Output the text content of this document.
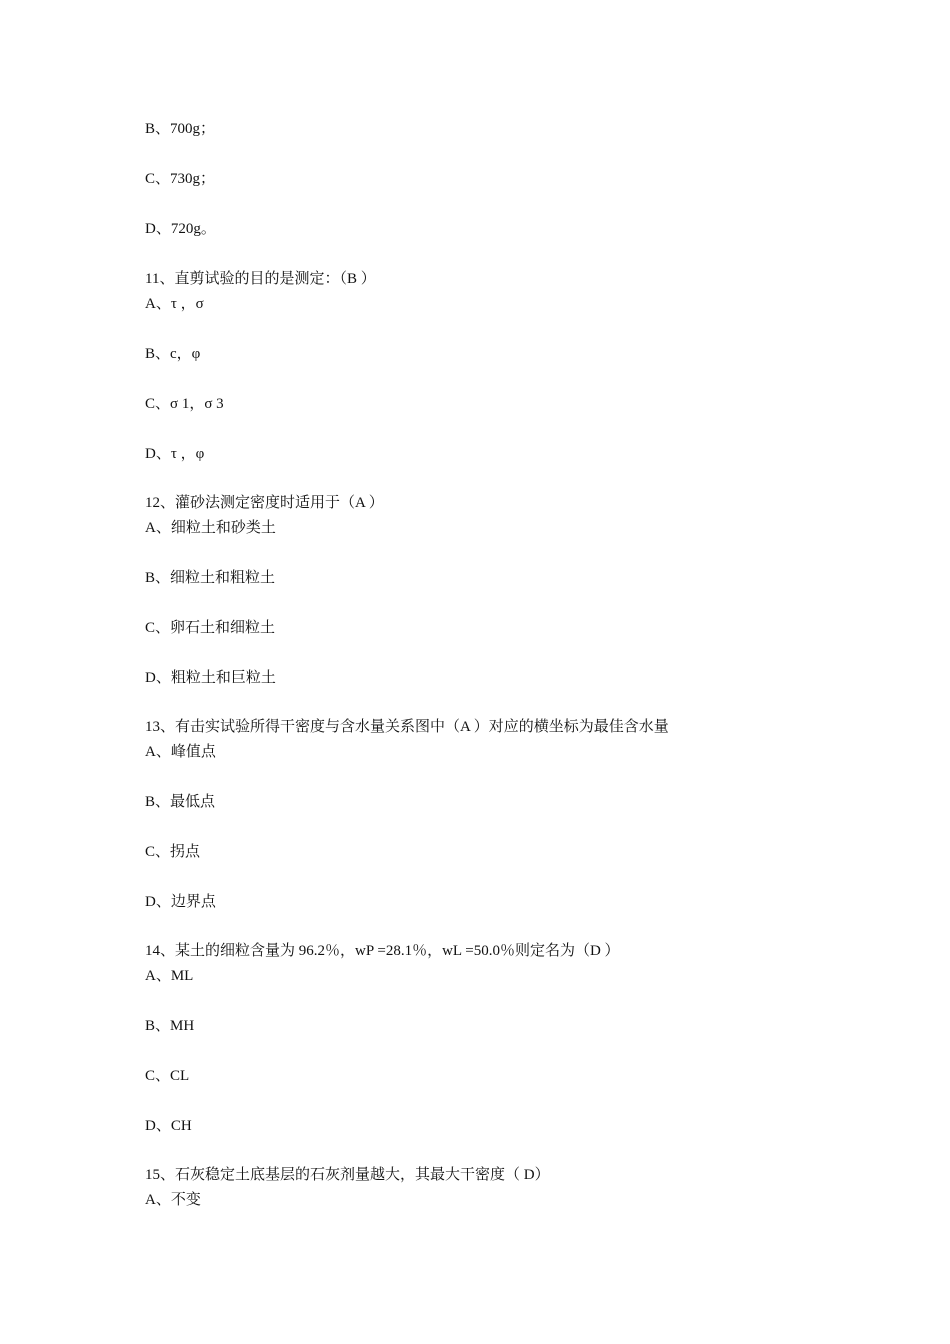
B、700g；
C、730g；
D、720g。
11、直剪试验的目的是测定：（B ）
A、τ ，σ
B、c，φ
C、σ 1，σ 3
D、τ ，φ
12、灌砂法测定密度时适用于（A ）
A、细粒土和砂类土
B、细粒土和粗粒土
C、卵石土和细粒土
D、粗粒土和巨粒土
13、有击实试验所得干密度与含水量关系图中（A ）对应的横坐标为最佳含水量
A、峰值点
B、最低点
C、拐点
D、边界点
14、某土的细粒含量为 96.2％，wP =28.1％，wL =50.0％则定名为（D ）
A、ML
B、MH
C、CL
D、CH
15、石灰稳定土底基层的石灰剂量越大，其最大干密度（ D）
A、不变
